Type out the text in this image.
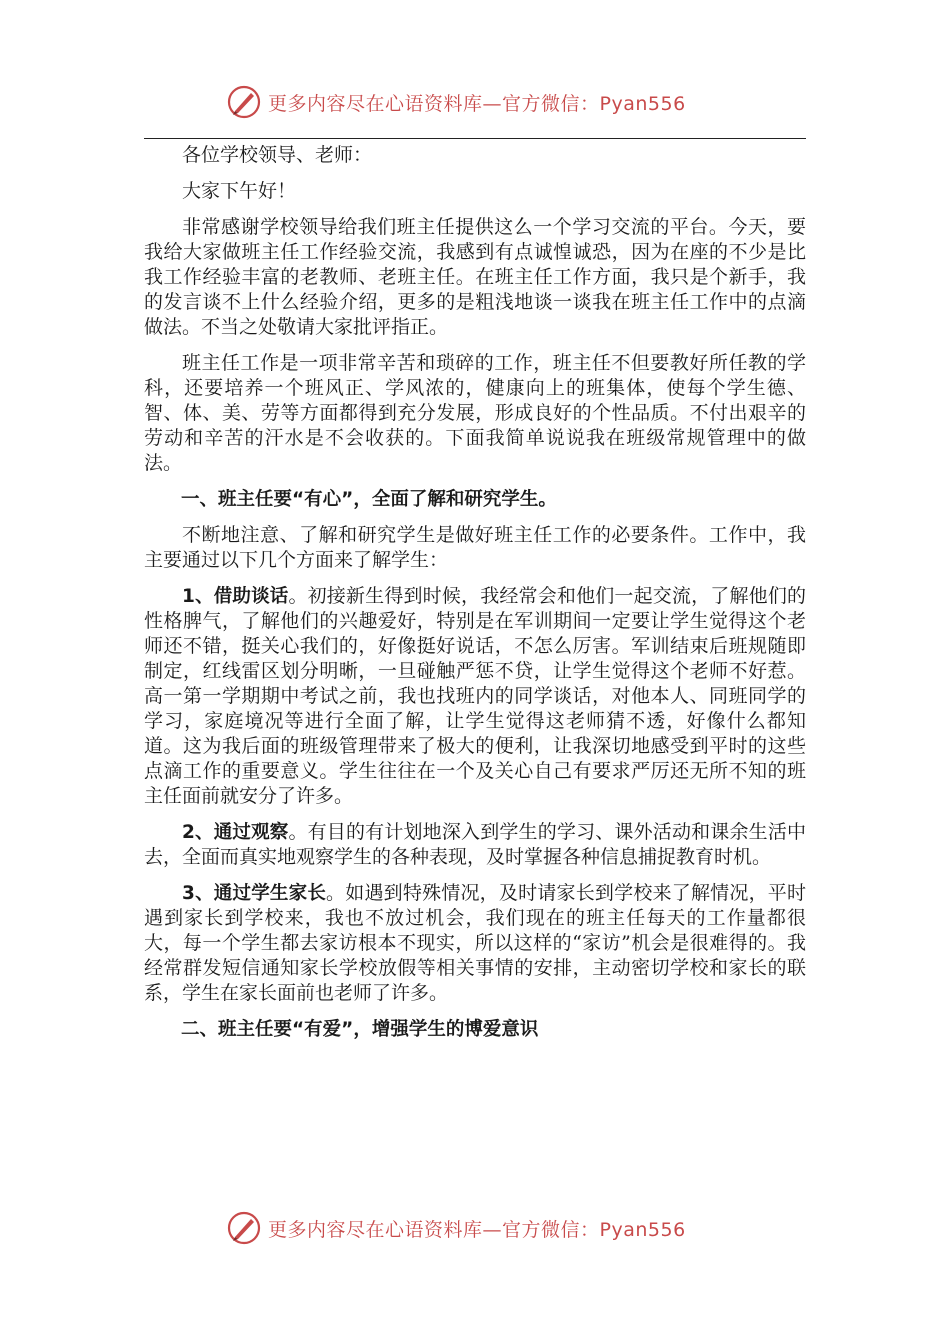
更多内容尽在心语资料库—官方微信：Pyan556

各位学校领导、老师：

大家下午好！

非常感谢学校领导给我们班主任提供这么一个学习交流的平台。今天，要我给大家做班主任工作经验交流，我感到有点诚惶诚恐，因为在座的不少是比我工作经验丰富的老教师、老班主任。在班主任工作方面，我只是个新手，我的发言谈不上什么经验介绍，更多的是粗浅地谈一谈我在班主任工作中的点滴做法。不当之处敬请大家批评指正。

班主任工作是一项非常辛苦和琐碎的工作，班主任不但要教好所任教的学科，还要培养一个班风正、学风浓的，健康向上的班集体，使每个学生德、智、体、美、劳等方面都得到充分发展，形成良好的个性品质。不付出艰辛的劳动和辛苦的汗水是不会收获的。下面我简单说说我在班级常规管理中的做法。

一、班主任要“有心”，全面了解和研究学生。

不断地注意、了解和研究学生是做好班主任工作的必要条件。工作中，我主要通过以下几个方面来了解学生：

1、借助谈话。初接新生得到时候，我经常会和他们一起交流，了解他们的性格脾气，了解他们的兴趣爱好，特别是在军训期间一定要让学生觉得这个老师还不错，挺关心我们的，好像挺好说话，不怎么厉害。军训结束后班规随即制定，红线雷区划分明晰，一旦碰触严惩不贷，让学生觉得这个老师不好惹。高一第一学期期中考试之前，我也找班内的同学谈话，对他本人、同班同学的学习，家庭境况等进行全面了解，让学生觉得这老师猜不透，好像什么都知道。这为我后面的班级管理带来了极大的便利，让我深切地感受到平时的这些点滴工作的重要意义。学生往往在一个及关心自己有要求严厉还无所不知的班主任面前就安分了许多。

2、通过观察。有目的有计划地深入到学生的学习、课外活动和课余生活中去，全面而真实地观察学生的各种表现，及时掌握各种信息捕捉教育时机。

3、通过学生家长。如遇到特殊情况，及时请家长到学校来了解情况，平时遇到家长到学校来，我也不放过机会，我们现在的班主任每天的工作量都很大，每一个学生都去家访根本不现实，所以这样的“家访”机会是很难得的。我经常群发短信通知家长学校放假等相关事情的安排，主动密切学校和家长的联系，学生在家长面前也老师了许多。

二、班主任要“有爱”，增强学生的博爱意识

更多内容尽在心语资料库—官方微信：Pyan556
